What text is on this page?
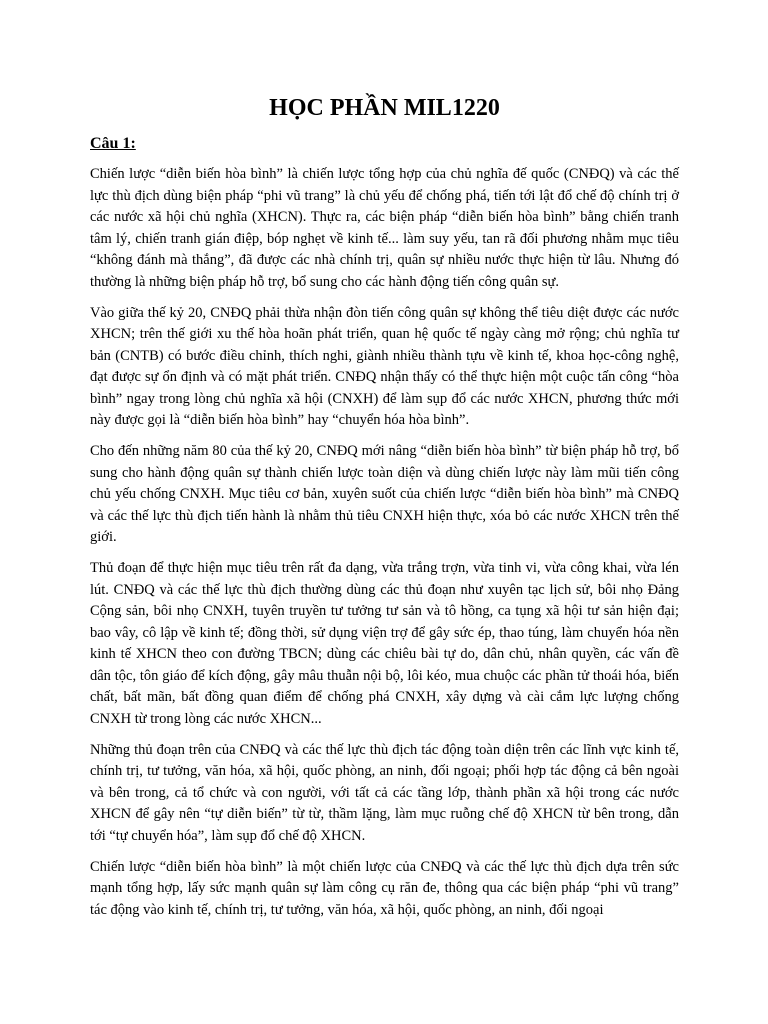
HỌC PHẦN MIL1220
Câu 1:

Chiến lược “diễn biến hòa bình” là chiến lược tổng hợp của chủ nghĩa đế quốc (CNĐQ) và các thế lực thù địch dùng biện pháp “phi vũ trang” là chủ yếu để chống phá, tiến tới lật đổ chế độ chính trị ở các nước xã hội chủ nghĩa (XHCN). Thực ra, các biện pháp “diễn biến hòa bình” bằng chiến tranh tâm lý, chiến tranh gián điệp, bóp nghẹt về kinh tế... làm suy yếu, tan rã đối phương nhằm mục tiêu “không đánh mà thắng”, đã được các nhà chính trị, quân sự nhiều nước thực hiện từ lâu. Nhưng đó thường là những biện pháp hỗ trợ, bổ sung cho các hành động tiến công quân sự.

Vào giữa thế kỷ 20, CNĐQ phải thừa nhận đòn tiến công quân sự không thể tiêu diệt được các nước XHCN; trên thế giới xu thế hòa hoãn phát triển, quan hệ quốc tế ngày càng mở rộng; chủ nghĩa tư bản (CNTB) có bước điều chỉnh, thích nghi, giành nhiều thành tựu về kinh tế, khoa học-công nghệ, đạt được sự ổn định và có mặt phát triển. CNĐQ nhận thấy có thể thực hiện một cuộc tấn công “hòa bình” ngay trong lòng chủ nghĩa xã hội (CNXH) để làm sụp đổ các nước XHCN, phương thức mới này được gọi là “diễn biến hòa bình” hay “chuyển hóa hòa bình”.

Cho đến những năm 80 của thế kỷ 20, CNĐQ mới nâng “diễn biến hòa bình” từ biện pháp hỗ trợ, bổ sung cho hành động quân sự thành chiến lược toàn diện và dùng chiến lược này làm mũi tiến công chủ yếu chống CNXH. Mục tiêu cơ bản, xuyên suốt của chiến lược “diễn biến hòa bình” mà CNĐQ và các thế lực thù địch tiến hành là nhằm thủ tiêu CNXH hiện thực, xóa bỏ các nước XHCN trên thế giới.

Thủ đoạn để thực hiện mục tiêu trên rất đa dạng, vừa trắng trợn, vừa tinh vi, vừa công khai, vừa lén lút. CNĐQ và các thế lực thù địch thường dùng các thủ đoạn như xuyên tạc lịch sử, bôi nhọ Đảng Cộng sản, bôi nhọ CNXH, tuyên truyền tư tưởng tư sản và tô hồng, ca tụng xã hội tư sản hiện đại; bao vây, cô lập về kinh tế; đồng thời, sử dụng viện trợ để gây sức ép, thao túng, làm chuyển hóa nền kinh tế XHCN theo con đường TBCN; dùng các chiêu bài tự do, dân chủ, nhân quyền, các vấn đề dân tộc, tôn giáo để kích động, gây mâu thuẫn nội bộ, lôi kéo, mua chuộc các phần tử thoái hóa, biến chất, bất mãn, bất đồng quan điểm để chống phá CNXH, xây dựng và cài cắm lực lượng chống CNXH từ trong lòng các nước XHCN...

Những thủ đoạn trên của CNĐQ và các thế lực thù địch tác động toàn diện trên các lĩnh vực kinh tế, chính trị, tư tưởng, văn hóa, xã hội, quốc phòng, an ninh, đối ngoại; phối hợp tác động cả bên ngoài và bên trong, cả tổ chức và con người, với tất cả các tầng lớp, thành phần xã hội trong các nước XHCN để gây nên “tự diễn biến” từ từ, thầm lặng, làm mục ruỗng chế độ XHCN từ bên trong, dẫn tới “tự chuyển hóa”, làm sụp đổ chế độ XHCN.

Chiến lược “diễn biến hòa bình” là một chiến lược của CNĐQ và các thế lực thù địch dựa trên sức mạnh tổng hợp, lấy sức mạnh quân sự làm công cụ răn đe, thông qua các biện pháp “phi vũ trang” tác động vào kinh tế, chính trị, tư tưởng, văn hóa, xã hội, quốc phòng, an ninh, đối ngoại
